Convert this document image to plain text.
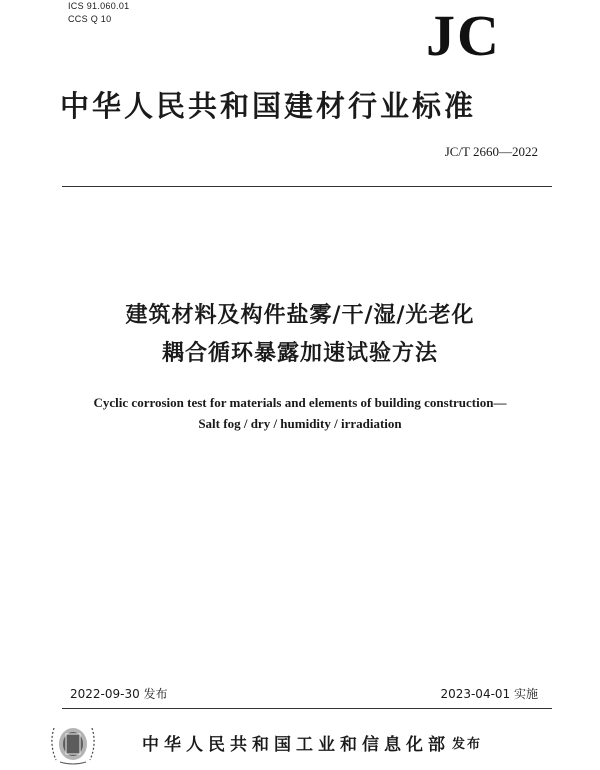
ICS 91.060.01
CCS Q 10	JC
中华人民共和国建材行业标准
JC/T 2660—2022
建筑材料及构件盐雾/干/湿/光老化
耦合循环暴露加速试验方法
Cyclic corrosion test for materials and elements of building construction—
Salt fog / dry / humidity / irradiation
2022-09-30 发布	2023-04-01 实施
中华人民共和国工业和信息化部 发布
